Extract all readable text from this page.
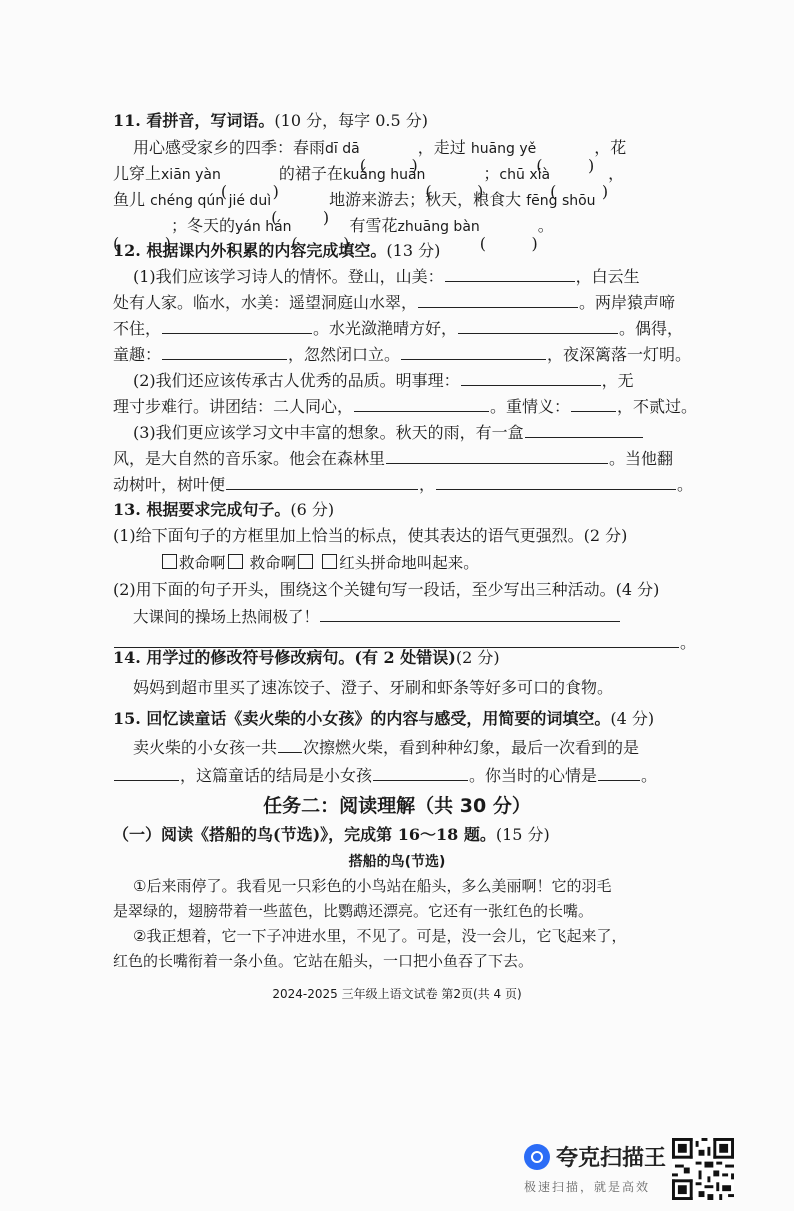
11. 看拼音，写词语。(10 分，每字 0.5 分)
用心感受家乡的四季：春雨dī dā	，走过 huāng yě	，花
儿穿上xiān yàn	的裙子在kuáng huān	；chū xià	，
鱼儿 chéng qún jié duì	地游来游去；秋天，粮食大 fēng shōu
；冬天的yán hán	有雪花zhuāng bàn	。
12. 根据课内外积累的内容完成填空。(13 分)
(1)我们应该学习诗人的情怀。登山，山美：	，白云生
处有人家。临水，水美：遥望洞庭山水翠，	。两岸猿声啼
不住，	。水光潋滟晴方好，	。偶得，
童趣：	，忽然闭口立。	，夜深篱落一灯明。
(2)我们还应该传承古人优秀的品质。明事理：	，无
理寸步难行。讲团结：二人同心，	。重情义：	，不贰过。
(3)我们更应该学习文中丰富的想象。秋天的雨，有一盒
风，是大自然的音乐家。他会在森林里	。当他翻
动树叶，树叶便	，	。
13. 根据要求完成句子。(6 分)
(1)给下面句子的方框里加上恰当的标点，使其表达的语气更强烈。(2 分)
救命啊 救命啊	红头拼命地叫起来。
(2)用下面的句子开头，围绕这个关键句写一段话，至少写出三种活动。(4 分)
大课间的操场上热闹极了！
。
14. 用学过的修改符号修改病句。(有 2 处错误)(2 分)
妈妈到超市里买了速冻饺子、澄子、牙刷和虾条等好多可口的食物。
15. 回忆读童话《卖火柴的小女孩》的内容与感受，用简要的词填空。(4 分)
卖火柴的小女孩一共 次擦燃火柴，看到种种幻象，最后一次看到的是
，这篇童话的结局是小女孩	。你当时的心情是	。
任务二：阅读理解（共 30 分）
（一）阅读《搭船的鸟(节选)》，完成第 16～18 题。(15 分)
搭船的鸟(节选)
①后来雨停了。我看见一只彩色的小鸟站在船头，多么美丽啊！它的羽毛
是翠绿的，翅膀带着一些蓝色，比鹦鹉还漂亮。它还有一张红色的长嘴。
②我正想着，它一下子冲进水里，不见了。可是，没一会儿，它飞起来了，
红色的长嘴衔着一条小鱼。它站在船头，一口把小鱼吞了下去。
2024-2025 三年级上语文试卷 第2页(共 4 页)
夸克扫描王
极速扫描，就是高效
